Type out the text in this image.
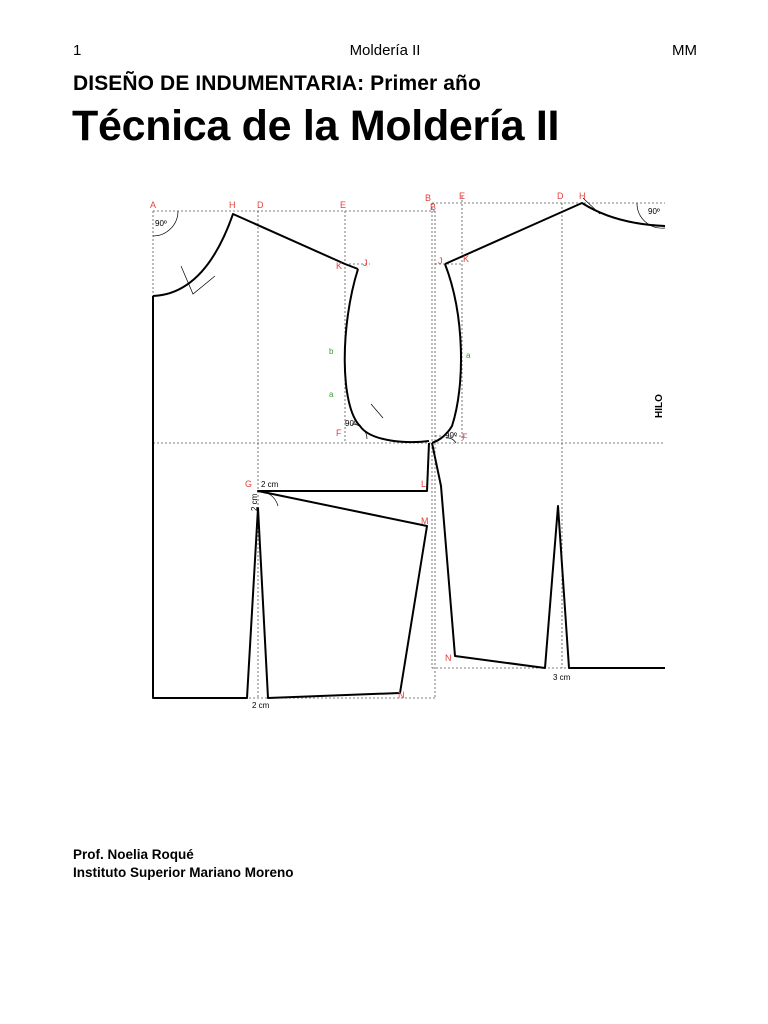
1	Moldería II	MM
DISEÑO DE INDUMENTARIA: Primer año
Técnica de la Moldería II
A	H D	E
K J
b
a
F
G	L
M
N
B
B
E	D H
J K
a
F
N
90º
90º
90º
90º
2 cm
2 cm
2 cm
3 cm
HILO
Prof. Noelia Roqué
Instituto Superior Mariano Moreno
